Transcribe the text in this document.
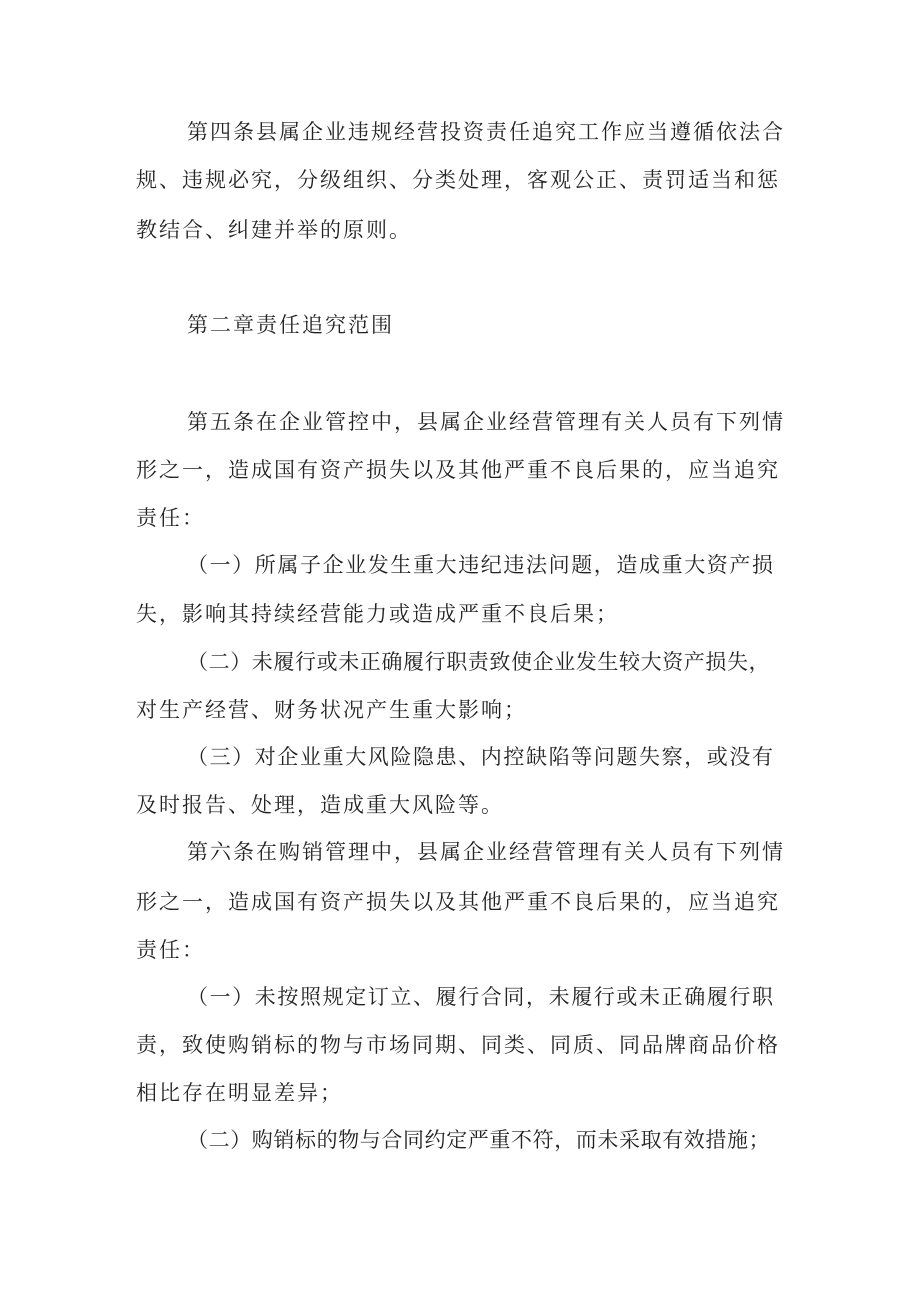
第四条县属企业违规经营投资责任追究工作应当遵循依法合
规、违规必究，分级组织、分类处理，客观公正、责罚适当和惩
教结合、纠建并举的原则。
第二章责任追究范围
第五条在企业管控中，县属企业经营管理有关人员有下列情
形之一，造成国有资产损失以及其他严重不良后果的，应当追究
责任：
（一）所属子企业发生重大违纪违法问题，造成重大资产损
失，影响其持续经营能力或造成严重不良后果；
（二）未履行或未正确履行职责致使企业发生较大资产损失，
对生产经营、财务状况产生重大影响；
（三）对企业重大风险隐患、内控缺陷等问题失察，或没有
及时报告、处理，造成重大风险等。
第六条在购销管理中，县属企业经营管理有关人员有下列情
形之一，造成国有资产损失以及其他严重不良后果的，应当追究
责任：
（一）未按照规定订立、履行合同，未履行或未正确履行职
责，致使购销标的物与市场同期、同类、同质、同品牌商品价格
相比存在明显差异；
（二）购销标的物与合同约定严重不符，而未采取有效措施；
